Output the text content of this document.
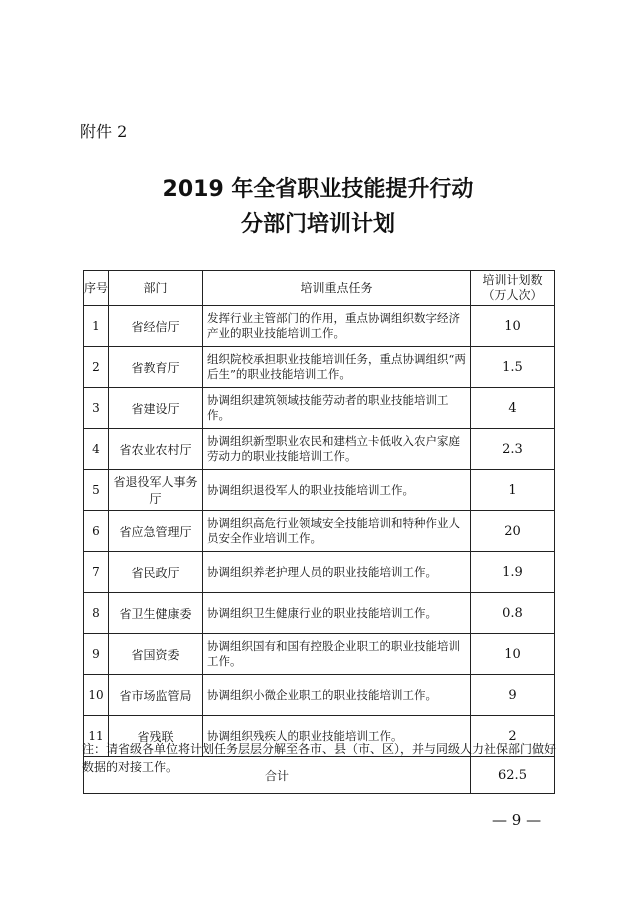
附件 2
2019 年全省职业技能提升行动
分部门培训计划
序号	部门	培训重点任务	培训计划数
（万人次）

1	省经信厅	发挥行业主管部门的作用，重点协调组织数字经济产业的职业技能培训工作。	10
2	省教育厅	组织院校承担职业技能培训任务，重点协调组织“两后生”的职业技能培训工作。	1.5
3	省建设厅	协调组织建筑领域技能劳动者的职业技能培训工作。	4
4	省农业农村厅	协调组织新型职业农民和建档立卡低收入农户家庭劳动力的职业技能培训工作。	2.3
5	省退役军人事务厅	协调组织退役军人的职业技能培训工作。	1
6	省应急管理厅	协调组织高危行业领域安全技能培训和特种作业人员安全作业培训工作。	20
7	省民政厅	协调组织养老护理人员的职业技能培训工作。	1.9
8	省卫生健康委	协调组织卫生健康行业的职业技能培训工作。	0.8
9	省国资委	协调组织国有和国有控股企业职工的职业技能培训工作。	10
10	省市场监管局	协调组织小微企业职工的职业技能培训工作。	9
11	省残联	协调组织残疾人的职业技能培训工作。	2
合计			62.5
注：请省级各单位将计划任务层层分解至各市、县（市、区），并与同级人力社保部门做好数据的对接工作。
— 9 —
